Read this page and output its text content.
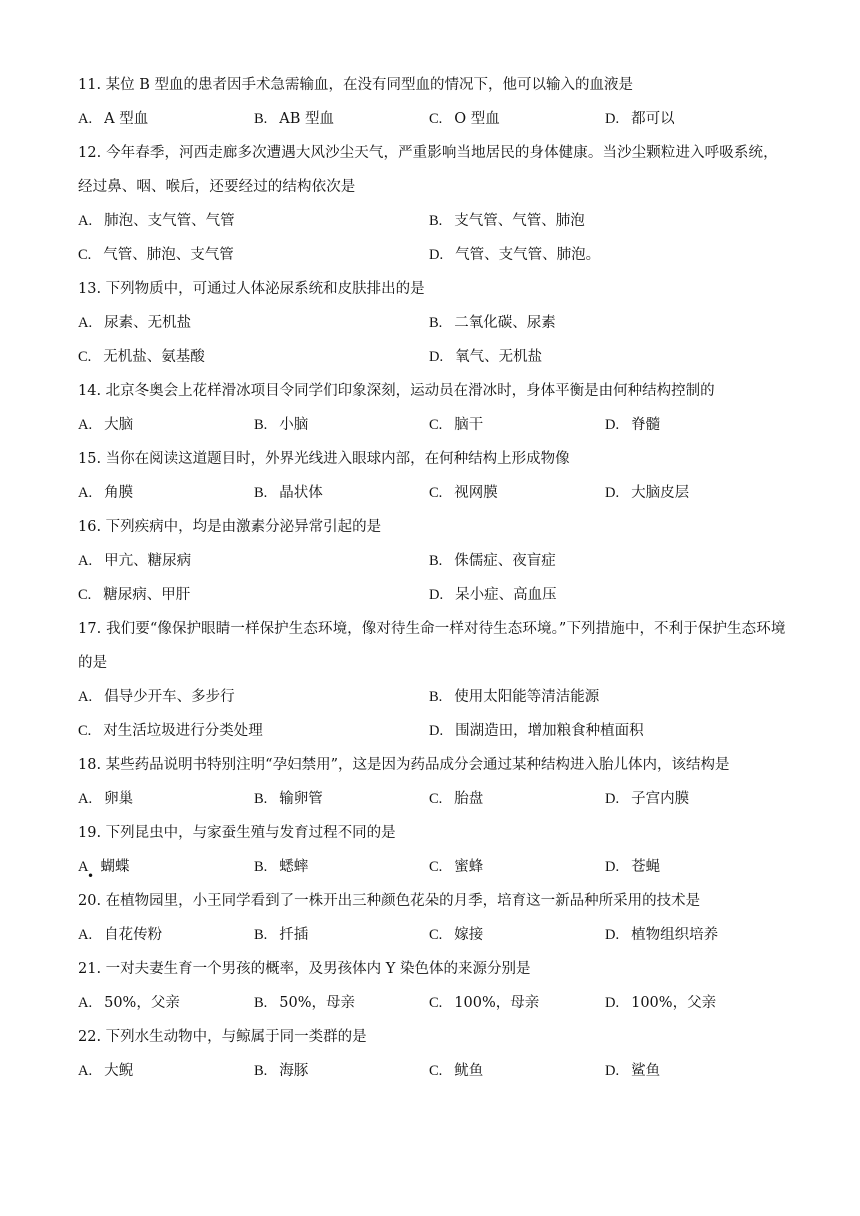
11. 某位 B 型血的患者因手术急需输血，在没有同型血的情况下，他可以输入的血液是
A. A 型血	B. AB 型血	C. O 型血	D. 都可以
12. 今年春季，河西走廊多次遭遇大风沙尘天气，严重影响当地居民的身体健康。当沙尘颗粒进入呼吸系统，经过鼻、咽、喉后，还要经过的结构依次是
A. 肺泡、支气管、气管	B. 支气管、气管、肺泡
C. 气管、肺泡、支气管	D. 气管、支气管、肺泡。
13. 下列物质中，可通过人体泌尿系统和皮肤排出的是
A. 尿素、无机盐	B. 二氧化碳、尿素
C. 无机盐、氨基酸	D. 氧气、无机盐
14. 北京冬奥会上花样滑冰项目令同学们印象深刻，运动员在滑冰时，身体平衡是由何种结构控制的
A. 大脑	B. 小脑	C. 脑干	D. 脊髓
15. 当你在阅读这道题目时，外界光线进入眼球内部，在何种结构上形成物像
A. 角膜	B. 晶状体	C. 视网膜	D. 大脑皮层
16. 下列疾病中，均是由激素分泌异常引起的是
A. 甲亢、糖尿病	B. 侏儒症、夜盲症
C. 糖尿病、甲肝	D. 呆小症、高血压
17. 我们要“像保护眼睛一样保护生态环境，像对待生命一样对待生态环境。”下列措施中，不利于保护生态环境的是
A. 倡导少开车、多步行	B. 使用太阳能等清洁能源
C. 对生活垃圾进行分类处理	D. 围湖造田，增加粮食种植面积
18. 某些药品说明书特别注明“孕妇禁用”，这是因为药品成分会通过某种结构进入胎儿体内，该结构是
A. 卵巢	B. 输卵管	C. 胎盘	D. 子宫内膜
19. 下列昆虫中，与家蚕生殖与发育过程不同的是
A 蝴蝶
•
B. 蟋蟀	C. 蜜蜂	D. 苍蝇
20. 在植物园里，小王同学看到了一株开出三种颜色花朵的月季，培育这一新品种所采用的技术是
A. 自花传粉	B. 扦插	C. 嫁接	D. 植物组织培养
21. 一对夫妻生育一个男孩的概率，及男孩体内 Y 染色体的来源分别是
A. 50%，父亲	B. 50%，母亲	C. 100%，母亲	D. 100%，父亲
22. 下列水生动物中，与鲸属于同一类群的是
A. 大鲵	B. 海豚	C. 鱿鱼	D. 鲨鱼
